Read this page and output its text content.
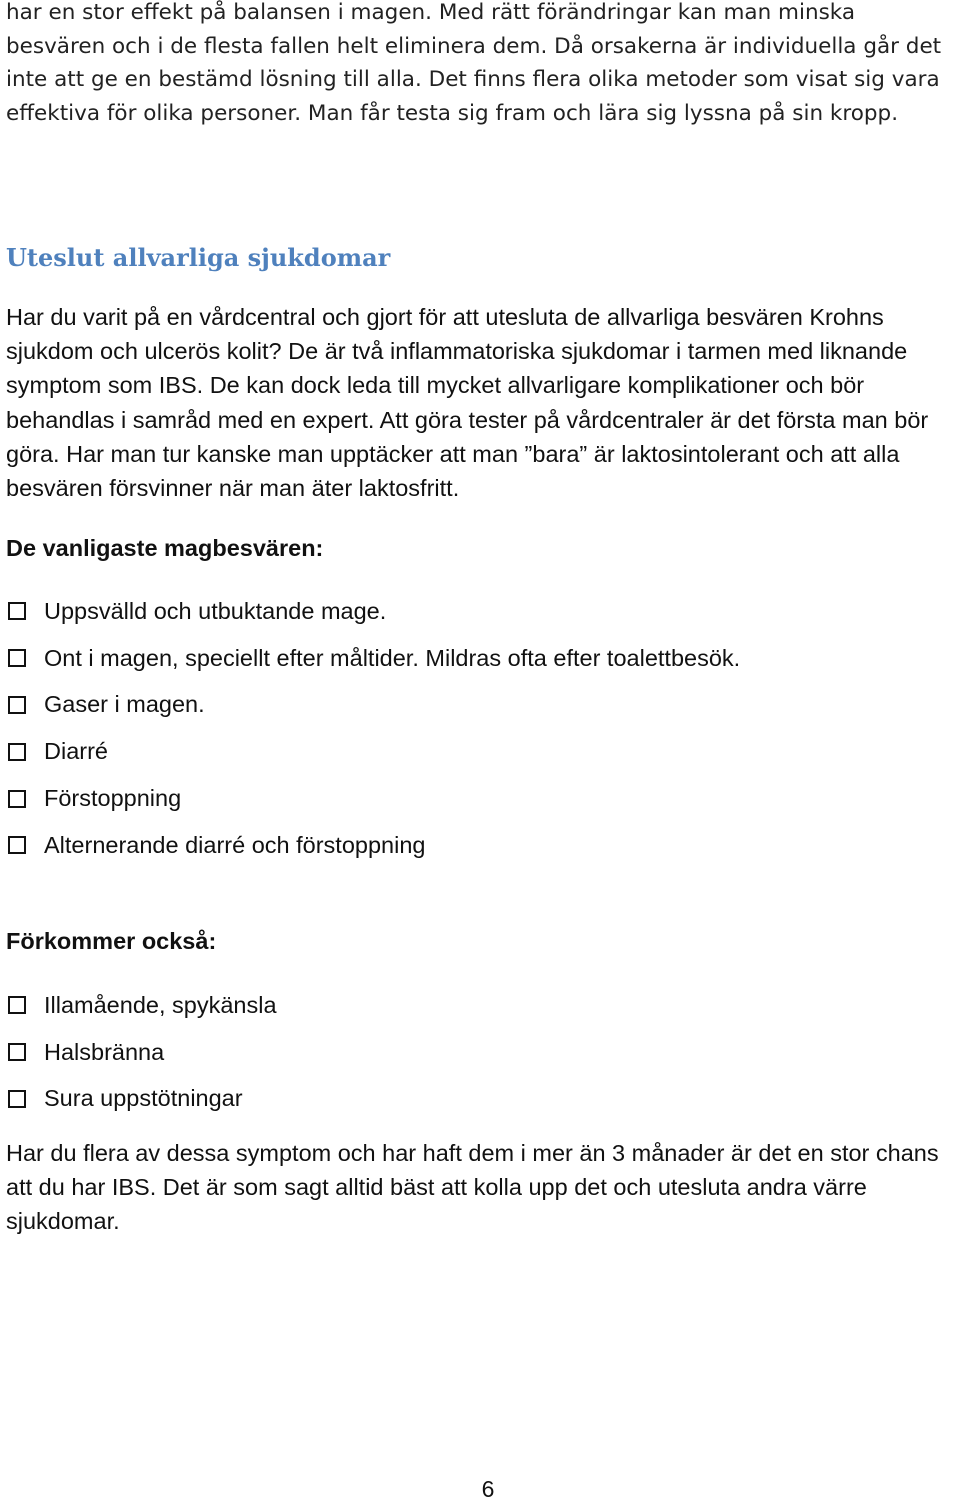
har en stor effekt på balansen i magen. Med rätt förändringar kan man minska besvären och i de flesta fallen helt eliminera dem. Då orsakerna är individuella går det inte att ge en bestämd lösning till alla. Det finns flera olika metoder som visat sig vara effektiva för olika personer. Man får testa sig fram och lära sig lyssna på sin kropp.

Uteslut allvarliga sjukdomar

Har du varit på en vårdcentral och gjort för att utesluta de allvarliga besvären Krohns sjukdom och ulcerös kolit? De är två inflammatoriska sjukdomar i tarmen med liknande symptom som IBS. De kan dock leda till mycket allvarligare komplikationer och bör behandlas i samråd med en expert. Att göra tester på vårdcentraler är det första man bör göra. Har man tur kanske man upptäcker att man ”bara” är laktosintolerant och att alla besvären försvinner när man äter laktosfritt.

De vanligaste magbesvären:

Uppsvälld och utbuktande mage.
Ont i magen, speciellt efter måltider. Mildras ofta efter toalettbesök.
Gaser i magen.
Diarré
Förstoppning
Alternerande diarré och förstoppning

Förkommer också:

Illamående, spykänsla
Halsbränna
Sura uppstötningar

Har du flera av dessa symptom och har haft dem i mer än 3 månader är det en stor chans att du har IBS. Det är som sagt alltid bäst att kolla upp det och utesluta andra värre sjukdomar.

6
